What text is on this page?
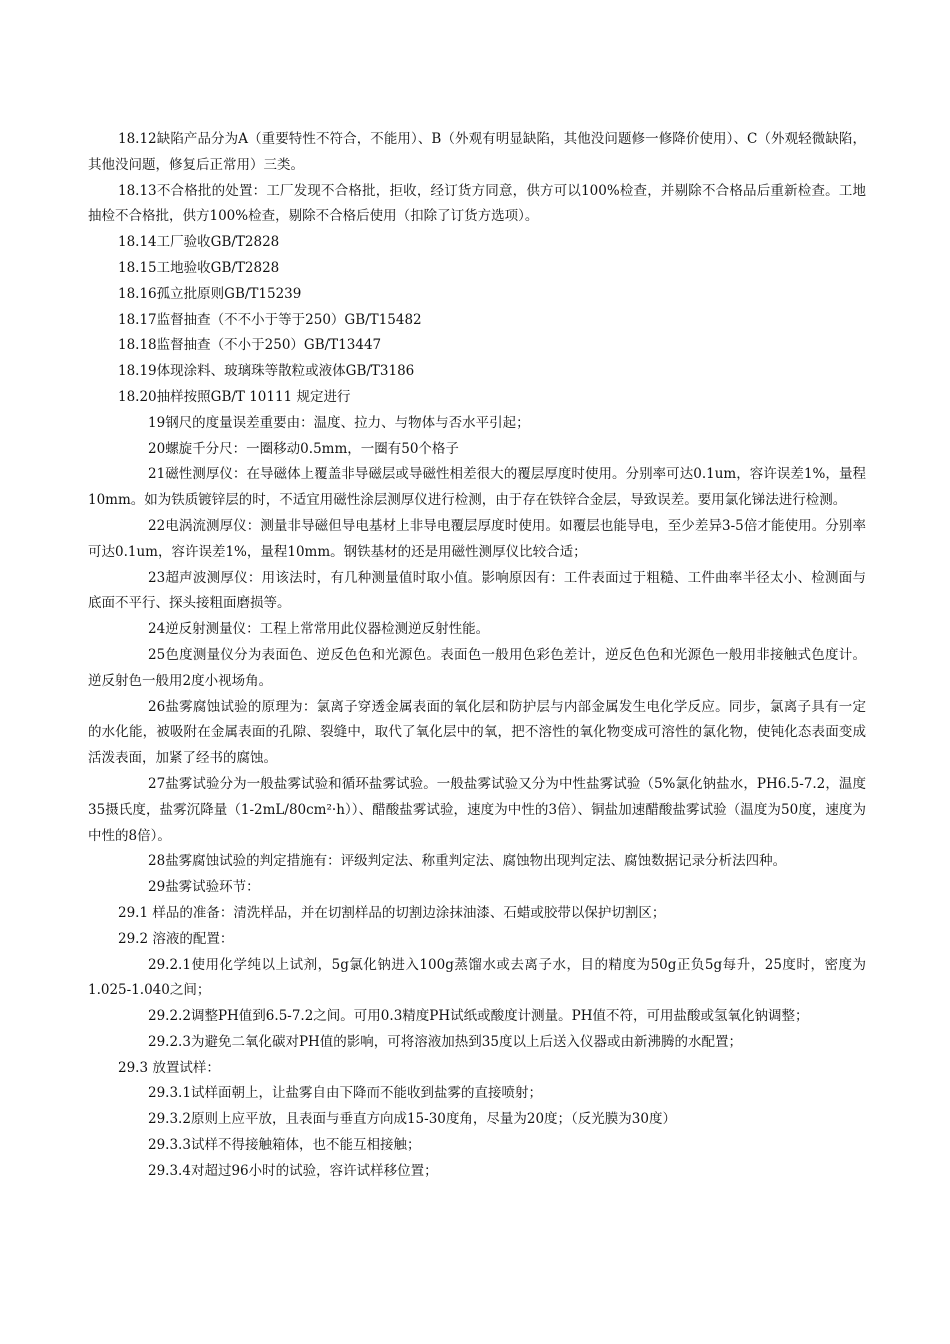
18.12缺陷产品分为A（重要特性不符合，不能用）、B（外观有明显缺陷，其他没问题修一修降价使用）、C（外观轻微缺陷，其他没问题，修复后正常用）三类。

18.13不合格批的处置：工厂发现不合格批，拒收，经订货方同意，供方可以100%检查，并剔除不合格品后重新检查。工地抽检不合格批，供方100%检查，剔除不合格后使用（扣除了订货方选项）。

18.14工厂验收GB/T2828

18.15工地验收GB/T2828

18.16孤立批原则GB/T15239

18.17监督抽查（不不小于等于250）GB/T15482

18.18监督抽查（不小于250）GB/T13447

18.19体现涂料、玻璃珠等散粒或液体GB/T3186

18.20抽样按照GB/T 10111 规定进行

19钢尺的度量误差重要由：温度、拉力、与物体与否水平引起；

20螺旋千分尺：一圈移动0.5mm，一圈有50个格子

21磁性测厚仪：在导磁体上覆盖非导磁层或导磁性相差很大的覆层厚度时使用。分别率可达0.1um，容许误差1%，量程10mm。如为铁质镀锌层的时，不适宜用磁性涂层测厚仪进行检测，由于存在铁锌合金层，导致误差。要用氯化锑法进行检测。

22电涡流测厚仪：测量非导磁但导电基材上非导电覆层厚度时使用。如覆层也能导电，至少差异3-5倍才能使用。分别率可达0.1um，容许误差1%，量程10mm。钢铁基材的还是用磁性测厚仪比较合适；

23超声波测厚仪：用该法时，有几种测量值时取小值。影响原因有：工件表面过于粗糙、工件曲率半径太小、检测面与底面不平行、探头接粗面磨损等。

24逆反射测量仪：工程上常常用此仪器检测逆反射性能。

25色度测量仪分为表面色、逆反色色和光源色。表面色一般用色彩色差计，逆反色色和光源色一般用非接触式色度计。逆反射色一般用2度小视场角。

26盐雾腐蚀试验的原理为：氯离子穿透金属表面的氧化层和防护层与内部金属发生电化学反应。同步，氯离子具有一定的水化能，被吸附在金属表面的孔隙、裂缝中，取代了氧化层中的氧，把不溶性的氧化物变成可溶性的氯化物，使钝化态表面变成活泼表面，加紧了经书的腐蚀。

27盐雾试验分为一般盐雾试验和循环盐雾试验。一般盐雾试验又分为中性盐雾试验（5%氯化钠盐水，PH6.5-7.2，温度35摄氏度，盐雾沉降量（1-2mL/80cm²·h））、醋酸盐雾试验，速度为中性的3倍）、铜盐加速醋酸盐雾试验（温度为50度，速度为中性的8倍）。

28盐雾腐蚀试验的判定措施有：评级判定法、称重判定法、腐蚀物出现判定法、腐蚀数据记录分析法四种。

29盐雾试验环节：

29.1 样品的准备：清洗样品，并在切割样品的切割边涂抹油漆、石蜡或胶带以保护切割区；

29.2 溶液的配置：

29.2.1使用化学纯以上试剂，5g氯化钠进入100g蒸馏水或去离子水，目的精度为50g正负5g每升，25度时，密度为1.025-1.040之间；

29.2.2调整PH值到6.5-7.2之间。可用0.3精度PH试纸或酸度计测量。PH值不符，可用盐酸或氢氧化钠调整；

29.2.3为避免二氧化碳对PH值的影响，可将溶液加热到35度以上后送入仪器或由新沸腾的水配置；

29.3 放置试样：

29.3.1试样面朝上，让盐雾自由下降而不能收到盐雾的直接喷射；

29.3.2原则上应平放，且表面与垂直方向成15-30度角，尽量为20度；（反光膜为30度）

29.3.3试样不得接触箱体，也不能互相接触；

29.3.4对超过96小时的试验，容许试样移位置；
